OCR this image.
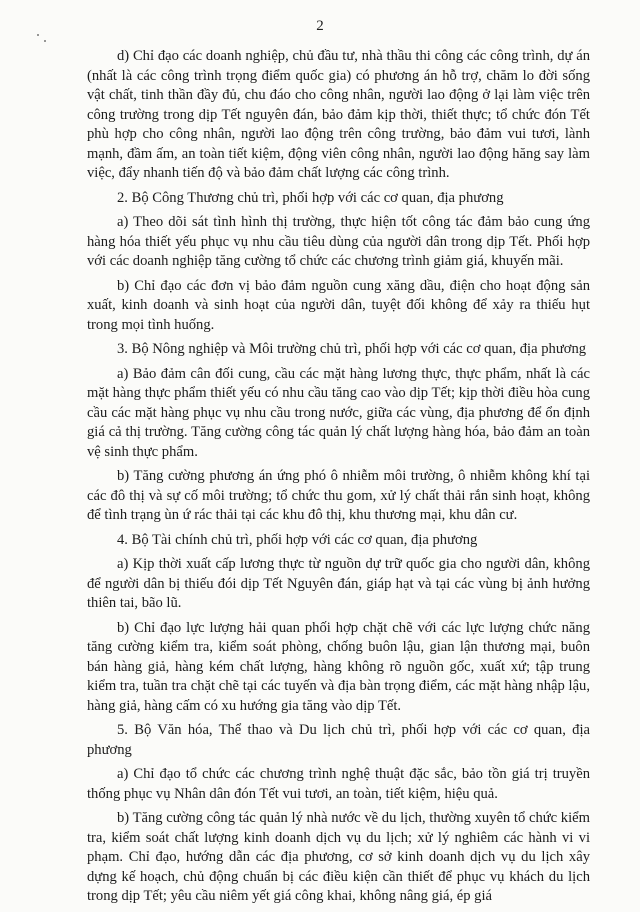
2

d) Chỉ đạo các doanh nghiệp, chủ đầu tư, nhà thầu thi công các công trình, dự án (nhất là các công trình trọng điểm quốc gia) có phương án hỗ trợ, chăm lo đời sống vật chất, tinh thần đầy đủ, chu đáo cho công nhân, người lao động ở lại làm việc trên công trường trong dịp Tết nguyên đán, bảo đảm kịp thời, thiết thực; tổ chức đón Tết phù hợp cho công nhân, người lao động trên công trường, bảo đảm vui tươi, lành mạnh, đầm ấm, an toàn tiết kiệm, động viên công nhân, người lao động hăng say làm việc, đẩy nhanh tiến độ và bảo đảm chất lượng các công trình.

2. Bộ Công Thương chủ trì, phối hợp với các cơ quan, địa phương

a) Theo dõi sát tình hình thị trường, thực hiện tốt công tác đảm bảo cung ứng hàng hóa thiết yếu phục vụ nhu cầu tiêu dùng của người dân trong dịp Tết. Phối hợp với các doanh nghiệp tăng cường tổ chức các chương trình giảm giá, khuyến mãi.

b) Chỉ đạo các đơn vị bảo đảm nguồn cung xăng dầu, điện cho hoạt động sản xuất, kinh doanh và sinh hoạt của người dân, tuyệt đối không để xảy ra thiếu hụt trong mọi tình huống.

3. Bộ Nông nghiệp và Môi trường chủ trì, phối hợp với các cơ quan, địa phương

a) Bảo đảm cân đối cung, cầu các mặt hàng lương thực, thực phẩm, nhất là các mặt hàng thực phẩm thiết yếu có nhu cầu tăng cao vào dịp Tết; kịp thời điều hòa cung cầu các mặt hàng phục vụ nhu cầu trong nước, giữa các vùng, địa phương để ổn định giá cả thị trường. Tăng cường công tác quản lý chất lượng hàng hóa, bảo đảm an toàn vệ sinh thực phẩm.

b) Tăng cường phương án ứng phó ô nhiễm môi trường, ô nhiễm không khí tại các đô thị và sự cố môi trường; tổ chức thu gom, xử lý chất thải rắn sinh hoạt, không để tình trạng ùn ứ rác thải tại các khu đô thị, khu thương mại, khu dân cư.

4. Bộ Tài chính chủ trì, phối hợp với các cơ quan, địa phương

a) Kịp thời xuất cấp lương thực từ nguồn dự trữ quốc gia cho người dân, không để người dân bị thiếu đói dịp Tết Nguyên đán, giáp hạt và tại các vùng bị ảnh hưởng thiên tai, bão lũ.

b) Chỉ đạo lực lượng hải quan phối hợp chặt chẽ với các lực lượng chức năng tăng cường kiểm tra, kiểm soát phòng, chống buôn lậu, gian lận thương mại, buôn bán hàng giả, hàng kém chất lượng, hàng không rõ nguồn gốc, xuất xứ; tập trung kiểm tra, tuần tra chặt chẽ tại các tuyến và địa bàn trọng điểm, các mặt hàng nhập lậu, hàng giả, hàng cấm có xu hướng gia tăng vào dịp Tết.

5. Bộ Văn hóa, Thể thao và Du lịch chủ trì, phối hợp với các cơ quan, địa phương

a) Chỉ đạo tổ chức các chương trình nghệ thuật đặc sắc, bảo tồn giá trị truyền thống phục vụ Nhân dân đón Tết vui tươi, an toàn, tiết kiệm, hiệu quả.

b) Tăng cường công tác quản lý nhà nước về du lịch, thường xuyên tổ chức kiểm tra, kiểm soát chất lượng kinh doanh dịch vụ du lịch; xử lý nghiêm các hành vi vi phạm. Chỉ đạo, hướng dẫn các địa phương, cơ sở kinh doanh dịch vụ du lịch xây dựng kế hoạch, chủ động chuẩn bị các điều kiện cần thiết để phục vụ khách du lịch trong dịp Tết; yêu cầu niêm yết giá công khai, không nâng giá, ép giá
